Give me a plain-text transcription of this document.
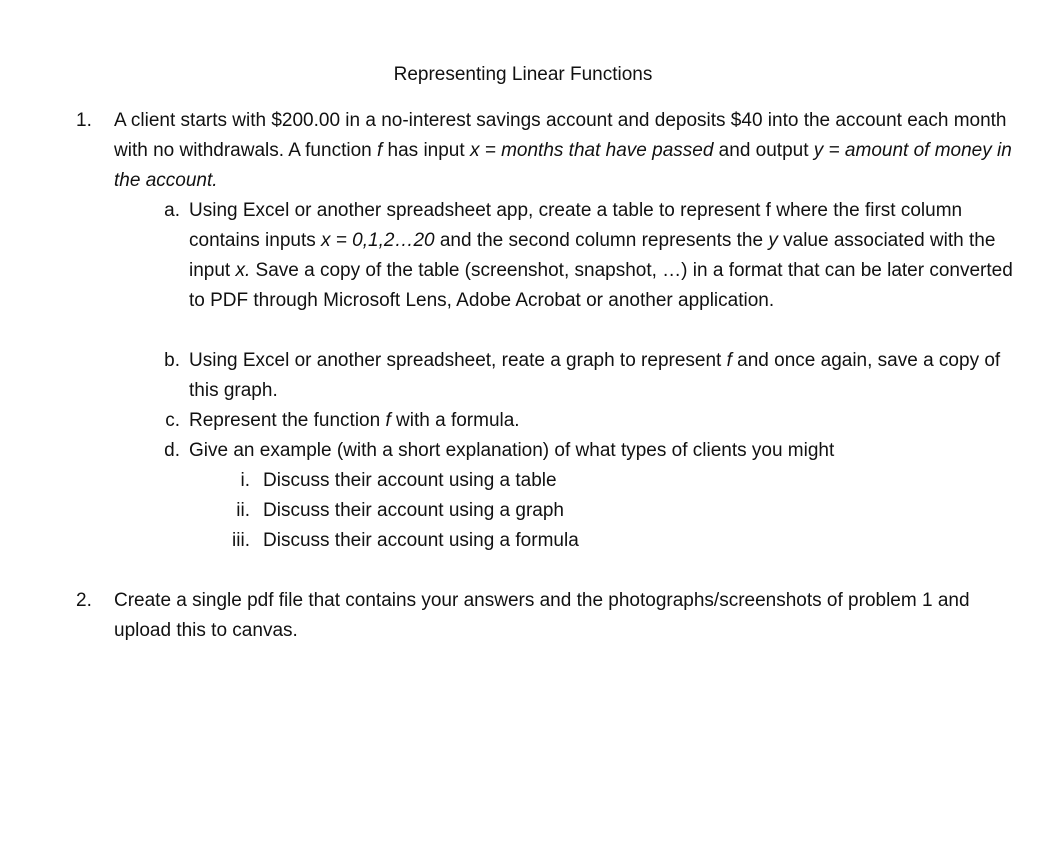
Representing Linear Functions
1. A client starts with $200.00 in a no-interest savings account and deposits $40 into the account each month with no withdrawals. A function f has input x = months that have passed and output y = amount of money in the account.
a. Using Excel or another spreadsheet app, create a table to represent f where the first column contains inputs x = 0,1,2…20 and the second column represents the y value associated with the input x. Save a copy of the table (screenshot, snapshot, …) in a format that can be later converted to PDF through Microsoft Lens, Adobe Acrobat or another application.
b. Using Excel or another spreadsheet, reate a graph to represent f and once again, save a copy of this graph.
c. Represent the function f with a formula.
d. Give an example (with a short explanation) of what types of clients you might
i. Discuss their account using a table
ii. Discuss their account using a graph
iii. Discuss their account using a formula
2. Create a single pdf file that contains your answers and the photographs/screenshots of problem 1 and upload this to canvas.
